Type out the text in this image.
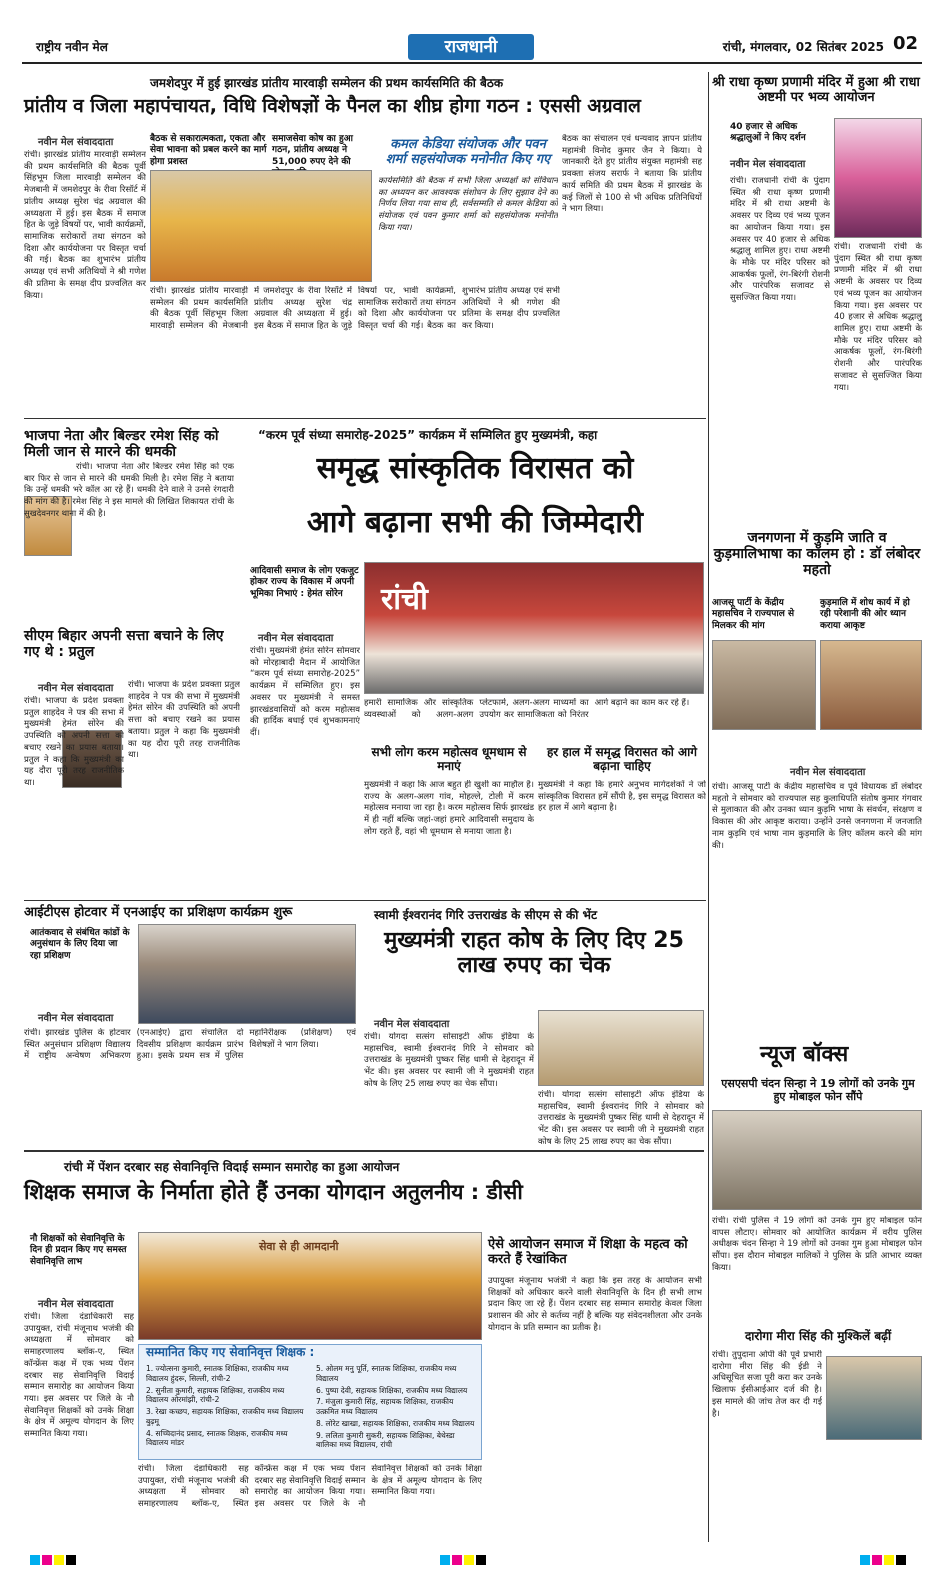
राष्ट्रीय नवीन मेल	राजधानी	रांची, मंगलवार, 02 सितंबर 2025 02
जमशेदपुर में हुई झारखंड प्रांतीय मारवाड़ी सम्मेलन की प्रथम कार्यसमिति की बैठक
प्रांतीय व जिला महापंचायत, विधि विशेषज्ञों के पैनल का शीघ्र होगा गठन : एससी अग्रवाल
नवीन मेल संवाददाता
रांची। झारखंड प्रांतीय मारवाड़ी सम्मेलन की प्रथम कार्यसमिति की बैठक पूर्वी सिंहभूम जिला मारवाड़ी सम्मेलन की मेजबानी में जमशेदपुर के रीवा रिसॉर्ट में प्रांतीय अध्यक्ष सुरेश चंद्र अग्रवाल की अध्यक्षता में हुई। इस बैठक में समाज हित के जुड़े विषयों पर, भावी कार्यक्रमों, सामाजिक सरोकारों तथा संगठन को दिशा और कार्ययोजना पर विस्तृत चर्चा की गई। बैठक का शुभारंभ प्रांतीय अध्यक्ष एवं सभी अतिथियों ने श्री गणेश की प्रतिमा के समक्ष दीप प्रज्वलित कर किया।
बैठक से सकारात्मकता, एकता और सेवा भावना को प्रबल करने का मार्ग होगा प्रशस्त
समाजसेवा कोष का हुआ गठन, प्रांतीय अध्यक्ष ने 51,000 रुपए देने की
कमल केडिया संयोजक और पवन शर्मा सहसंयोजक मनोनीत किए गए
कार्यसमिति की बैठक में सभी जिला अध्यक्षों को संविधान का अध्ययन कर आवश्यक संशोधन के लिए सुझाव देने का निर्णय लिया गया साथ ही, सर्वसम्मति से कमल केडिया को संयोजक एवं पवन कुमार शर्मा को सहसंयोजक मनोनीत किया गया।
बैठक का संचालन एवं धन्यवाद ज्ञापन प्रांतीय महामंत्री विनोद कुमार जैन ने किया। ये जानकारी देते हुए प्रांतीय संयुक्त महामंत्री सह प्रवक्ता संजय सरार्फ ने बताया कि प्रांतीय कार्य समिति की प्रथम बैठक में झारखंड के कई जिलों से 100 से भी अधिक प्रतिनिधियों ने भाग लिया।
रांची। झारखंड प्रांतीय मारवाड़ी सम्मेलन की प्रथम कार्यसमिति की बैठक पूर्वी सिंहभूम जिला मारवाड़ी सम्मेलन की मेजबानी में जमशेदपुर के रीवा रिसॉर्ट में प्रांतीय अध्यक्ष सुरेश चंद्र अग्रवाल की अध्यक्षता में हुई। इस बैठक में समाज हित के जुड़े विषयों पर, भावी कार्यक्रमों, सामाजिक सरोकारों तथा संगठन को दिशा और कार्ययोजना पर विस्तृत चर्चा की गई। बैठक का शुभारंभ प्रांतीय अध्यक्ष एवं सभी अतिथियों ने श्री गणेश की प्रतिमा के समक्ष दीप प्रज्वलित कर किया।
श्री राधा कृष्ण प्रणामी मंदिर में हुआ श्री राधा अष्टमी पर भव्य आयोजन
40 हजार से अधिक श्रद्धालुओं ने किए दर्शन
नवीन मेल संवाददाता
रांची। राजधानी रांची के पुंदाग स्थित श्री राधा कृष्ण प्रणामी मंदिर में श्री राधा अष्टमी के अवसर पर दिव्य एवं भव्य पूजन का आयोजन किया गया। इस अवसर पर 40 हजार से अधिक श्रद्धालु शामिल हुए। राधा अष्टमी के मौके पर मंदिर परिसर को आकर्षक फूलों, रंग-बिरंगी रोशनी और पारंपरिक सजावट से सुसज्जित किया गया।
रांची। राजधानी रांची के पुंदाग स्थित श्री राधा कृष्ण प्रणामी मंदिर में श्री राधा अष्टमी के अवसर पर दिव्य एवं भव्य पूजन का आयोजन किया गया। इस अवसर पर 40 हजार से अधिक श्रद्धालु शामिल हुए। राधा अष्टमी के मौके पर मंदिर परिसर को आकर्षक फूलों, रंग-बिरंगी रोशनी और पारंपरिक सजावट से सुसज्जित किया गया।
भाजपा नेता और बिल्डर रमेश सिंह को मिली जान से मारने की धमकी
रांची। भाजपा नेता और बिल्डर रमेश सिंह को एक बार फिर से जान से मारने की धमकी मिली है। रमेश सिंह ने बताया कि उन्हें धमकी भरे कॉल आ रहे हैं। धमकी देने वाले ने उनसे रंगदारी की मांग की है। रमेश सिंह ने इस मामले की लिखित शिकायत रांची के सुखदेवनगर थाना में की है।
“करम पूर्व संध्या समारोह-2025” कार्यक्रम में सम्मिलित हुए मुख्यमंत्री, कहा
समृद्ध सांस्कृतिक विरासत को
आगे बढ़ाना सभी की जिम्मेदारी
आदिवासी समाज के लोग एकजुट होकर राज्य के विकास में अपनी भूमिका निभाएं : हेमंत सोरेन
नवीन मेल संवाददाता
रांची
रांची। मुख्यमंत्री हेमंत सोरेन सोमवार को मोरहाबादी मैदान में आयोजित “करम पूर्व संध्या समारोह-2025” कार्यक्रम में सम्मिलित हुए। इस अवसर पर मुख्यमंत्री ने समस्त झारखंडवासियों को करम महोत्सव की हार्दिक बधाई एवं शुभकामनाएं दीं।
हमारी सामाजिक और सांस्कृतिक व्यवस्थाओं को अलग-अलग प्लेटफार्म, अलग-अलग माध्यमों का उपयोग कर सामाजिकता को निरंतर आगे बढ़ाने का काम कर रहे हैं।
सभी लोग करम महोत्सव धूमधाम से मनाएं
मुख्यमंत्री ने कहा कि आज बहुत ही खुशी का माहौल है। राज्य के अलग-अलग गांव, मोहल्ले, टोली में करम महोत्सव मनाया जा रहा है। करम महोत्सव सिर्फ झारखंड में ही नहीं बल्कि जहां-जहां हमारे आदिवासी समुदाय के लोग रहते हैं, वहां भी धूमधाम से मनाया जाता है।
हर हाल में समृद्ध विरासत को आगे बढ़ाना चाहिए
मुख्यमंत्री ने कहा कि हमारे अनुभव मार्गदर्शकों ने जो सांस्कृतिक विरासत हमें सौंपी है, इस समृद्ध विरासत को हर हाल में आगे बढ़ाना है।
सीएम बिहार अपनी सत्ता बचाने के लिए गए थे : प्रतुल
नवीन मेल संवाददाता
रांची। भाजपा के प्रदेश प्रवक्ता प्रतुल शाहदेव ने पत्र की सभा में मुख्यमंत्री हेमंत सोरेन की उपस्थिति को अपनी सत्ता को बचाए रखने का प्रयास बताया। प्रतुल ने कहा कि मुख्यमंत्री का यह दौरा पूरी तरह राजनीतिक था।
रांची। भाजपा के प्रदेश प्रवक्ता प्रतुल शाहदेव ने पत्र की सभा में मुख्यमंत्री हेमंत सोरेन की उपस्थिति को अपनी सत्ता को बचाए रखने का प्रयास बताया। प्रतुल ने कहा कि मुख्यमंत्री का यह दौरा पूरी तरह राजनीतिक था।
जनगणना में कुड़मि जाति व कुड़मालिभाषा का कॉलम हो : डॉ लंबोदर महतो
आजसू पार्टी के केंद्रीय महासचिव ने राज्यपाल से मिलकर की मांग
कुड़मालि में शोध कार्य में हो रही परेशानी की ओर ध्यान कराया आकृष्ट
नवीन मेल संवाददाता
रांची। आजसू पार्टी के केंद्रीय महासचिव व पूर्व विधायक डॉ लंबोदर महतो ने सोमवार को राज्यपाल सह कुलाधिपति संतोष कुमार गंगवार से मुलाकात की और उनका ध्यान कुड़मि भाषा के संवर्धन, संरक्षण व विकास की ओर आकृष्ट कराया। उन्होंने उनसे जनगणना में जनजाति नाम कुड़मि एवं भाषा नाम कुड़मालि के लिए कॉलम करने की मांग की।
आईटीएस होटवार में एनआईए का प्रशिक्षण कार्यक्रम शुरू
आतंकवाद से संबंधित कांडों के अनुसंधान के लिए दिया जा रहा प्रशिक्षण
नवीन मेल संवाददाता
रांची। झारखंड पुलिस के होटवार स्थित अनुसंधान प्रशिक्षण विद्यालय में राष्ट्रीय अन्वेषण अभिकरण (एनआईए) द्वारा संचालित दो दिवसीय प्रशिक्षण कार्यक्रम प्रारंभ हुआ। इसके प्रथम सत्र में पुलिस महानिरीक्षक (प्रशिक्षण) एवं विशेषज्ञों ने भाग लिया।
स्वामी ईश्वरानंद गिरि उत्तराखंड के सीएम से की भेंट
मुख्यमंत्री राहत कोष के लिए दिए 25 लाख रुपए का चेक
नवीन मेल संवाददाता
रांची। योगदा सत्संग सोसाइटी ऑफ इंडिया के महासचिव, स्वामी ईश्वरानंद गिरि ने सोमवार को उत्तराखंड के मुख्यमंत्री पुष्कर सिंह धामी से देहरादून में भेंट की। इस अवसर पर स्वामी जी ने मुख्यमंत्री राहत कोष के लिए 25 लाख रुपए का चेक सौंपा।
रांची। योगदा सत्संग सोसाइटी ऑफ इंडिया के महासचिव, स्वामी ईश्वरानंद गिरि ने सोमवार को उत्तराखंड के मुख्यमंत्री पुष्कर सिंह धामी से देहरादून में भेंट की। इस अवसर पर स्वामी जी ने मुख्यमंत्री राहत कोष के लिए 25 लाख रुपए का चेक सौंपा।
न्यूज बॉक्स
एसएसपी चंदन सिन्हा ने 19 लोगों को उनके गुम हुए मोबाइल फोन सौंपे
रांची। रांची पुलिस ने 19 लोगों को उनके गुम हुए मोबाइल फोन वापस लौटाए। सोमवार को आयोजित कार्यक्रम में वरीय पुलिस अधीक्षक चंदन सिन्हा ने 19 लोगों को उनका गुम हुआ मोबाइल फोन सौंपा। इस दौरान मोबाइल मालिकों ने पुलिस के प्रति आभार व्यक्त किया।
दारोगा मीरा सिंह की मुश्किलें बढ़ीं
रांची। तुपुदाना ओपी की पूर्व प्रभारी दारोगा मीरा सिंह की ईडी ने अधिसूचित सजा पूरी करा कर उनके खिलाफ ईसीआईआर दर्ज की है। इस मामले की जांच तेज कर दी गई है।
रांची में पेंशन दरबार सह सेवानिवृत्ति विदाई सम्मान समारोह का हुआ आयोजन
शिक्षक समाज के निर्माता होते हैं उनका योगदान अतुलनीय : डीसी
नौ शिक्षकों को सेवानिवृत्ति के दिन ही प्रदान किए गए समस्त सेवानिवृत्ति लाभ
नवीन मेल संवाददाता
रांची। जिला दंडाधिकारी सह उपायुक्त, रांची मंजूनाथ भजंत्री की अध्यक्षता में सोमवार को समाहरणालय ब्लॉक-ए, स्थित कॉन्फ्रेंस कक्ष में एक भव्य पेंशन दरबार सह सेवानिवृत्ति विदाई सम्मान समारोह का आयोजन किया गया। इस अवसर पर जिले के नौ सेवानिवृत्त शिक्षकों को उनके शिक्षा के क्षेत्र में अमूल्य योगदान के लिए सम्मानित किया गया।
सेवा से ही आमदानी
सम्मानित किए गए सेवानिवृत्त शिक्षक :
1. ज्योत्सना कुमारी, स्नातक शिक्षिका, राजकीय मध्य विद्यालय हुंदरू, सिल्ली, रांची-2
2. सुनीता कुमारी, सहायक शिक्षिका, राजकीय मध्य विद्यालय ओरमांझी, रांची-2
3. रेखा कच्छप, सहायक शिक्षिका, राजकीय मध्य विद्यालय बुढ़मू
4. सच्चिदानंद प्रसाद, स्नातक शिक्षक, राजकीय मध्य विद्यालय मांडर
5. ओलम मनु पूर्ति, स्नातक शिक्षिका, राजकीय मध्य विद्यालय
6. पुष्पा देवी, सहायक शिक्षिका, राजकीय मध्य विद्यालय
7. मंजुला कुमारी सिंह, सहायक शिक्षिका, राजकीय उत्क्रमित मध्य विद्यालय
8. लोरेट खाखा, सहायक शिक्षिका, राजकीय मध्य विद्यालय
9. ललिता कुमारी सुकरी, सहायक शिक्षिका, बेथेस्डा बालिका मध्य विद्यालय, रांची
रांची। जिला दंडाधिकारी सह उपायुक्त, रांची मंजूनाथ भजंत्री की अध्यक्षता में सोमवार को समाहरणालय ब्लॉक-ए, स्थित कॉन्फ्रेंस कक्ष में एक भव्य पेंशन दरबार सह सेवानिवृत्ति विदाई सम्मान समारोह का आयोजन किया गया। इस अवसर पर जिले के नौ सेवानिवृत्त शिक्षकों को उनके शिक्षा के क्षेत्र में अमूल्य योगदान के लिए सम्मानित किया गया।
ऐसे आयोजन समाज में शिक्षा के महत्व को करते हैं रेखांकित
उपायुक्त मंजूनाथ भजंत्री ने कहा कि इस तरह के आयोजन सभी शिक्षकों को अधिकार करने वाली सेवानिवृत्ति के दिन ही सभी लाभ प्रदान किए जा रहे हैं। पेंशन दरबार सह सम्मान समारोह केवल जिला प्रशासन की ओर से कर्तव्य नहीं है बल्कि यह संवेदनशीलता और उनके योगदान के प्रति सम्मान का प्रतीक है।
